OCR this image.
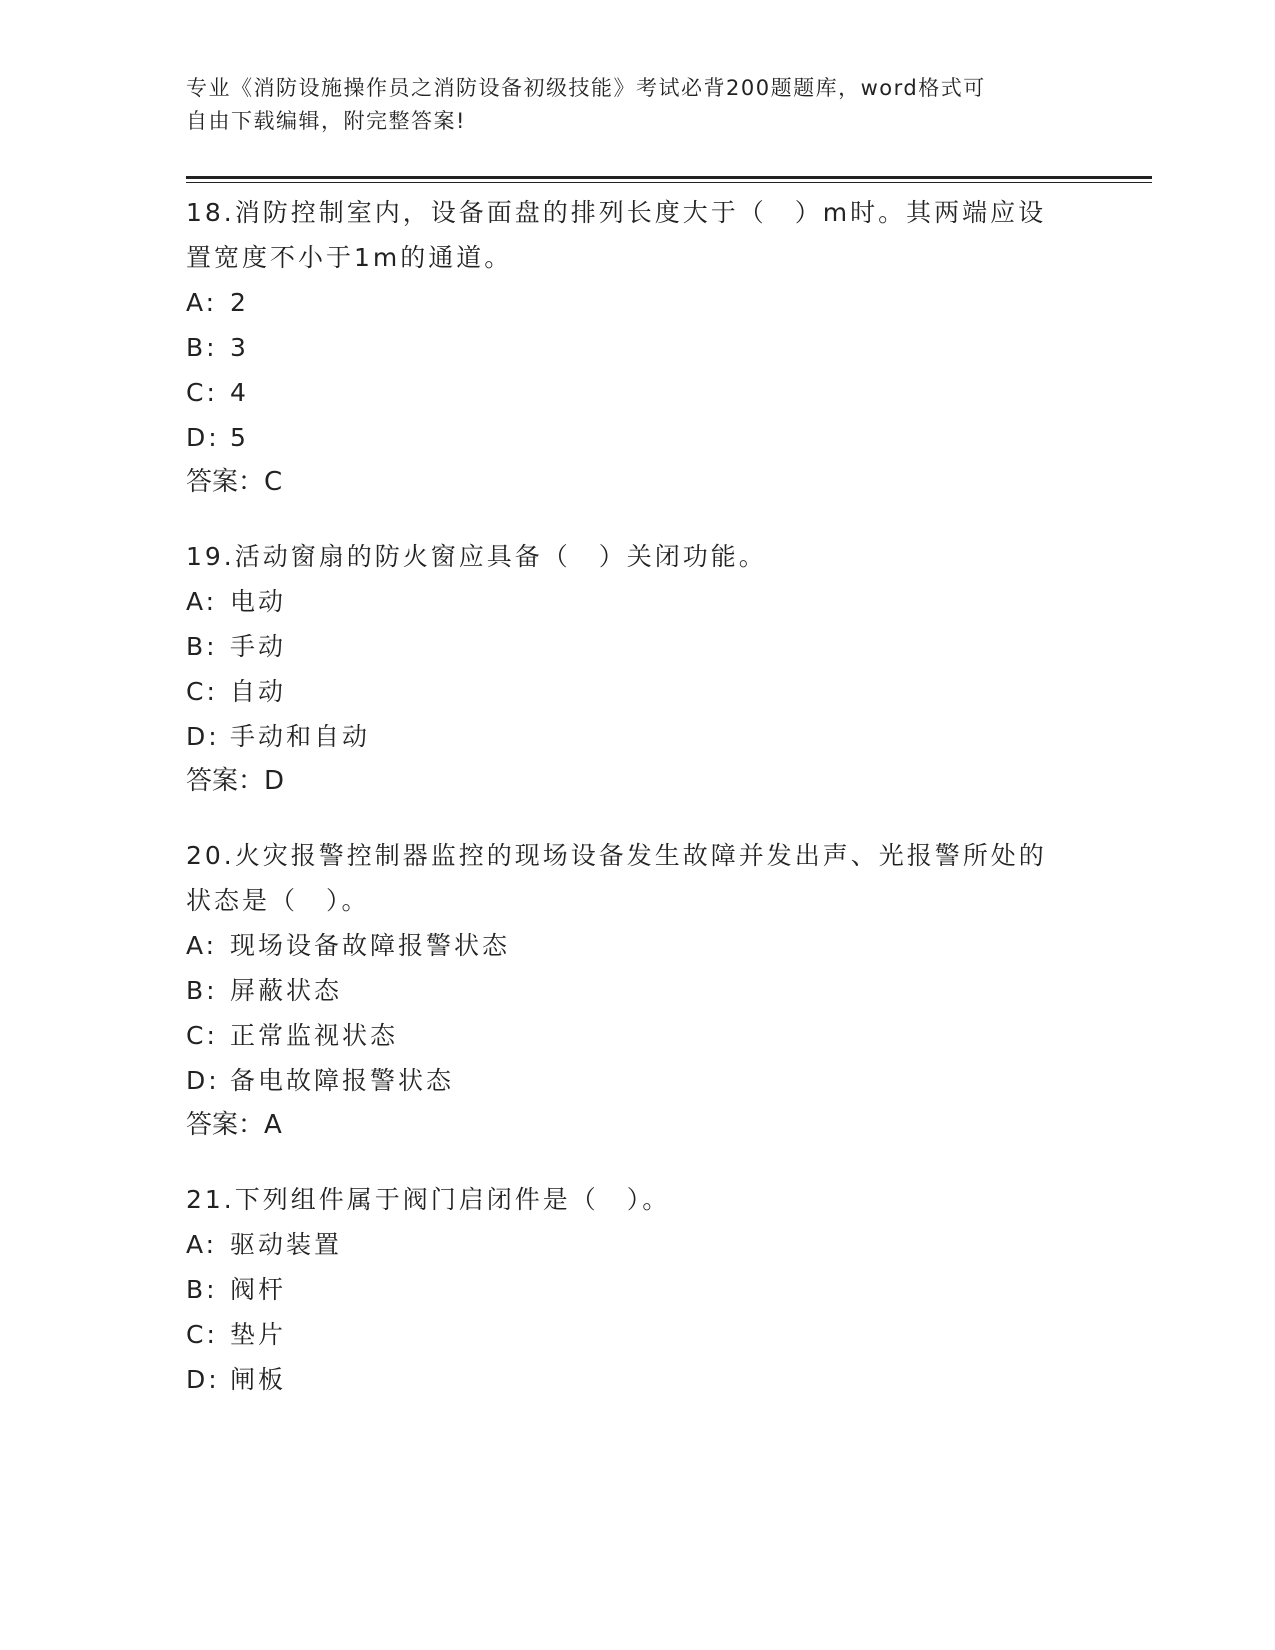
专业《消防设施操作员之消防设备初级技能》考试必背200题题库，word格式可
自由下载编辑，附完整答案!
18.消防控制室内，设备面盘的排列长度大于（　）m时。其两端应设
置宽度不小于1m的通道。
A: 2
B: 3
C: 4
D: 5
答案：C
19.活动窗扇的防火窗应具备（　）关闭功能。
A: 电动
B: 手动
C: 自动
D: 手动和自动
答案：D
20.火灾报警控制器监控的现场设备发生故障并发出声、光报警所处的
状态是（　）。
A: 现场设备故障报警状态
B: 屏蔽状态
C: 正常监视状态
D: 备电故障报警状态
答案：A
21.下列组件属于阀门启闭件是（　）。
A: 驱动装置
B: 阀杆
C: 垫片
D: 闸板
